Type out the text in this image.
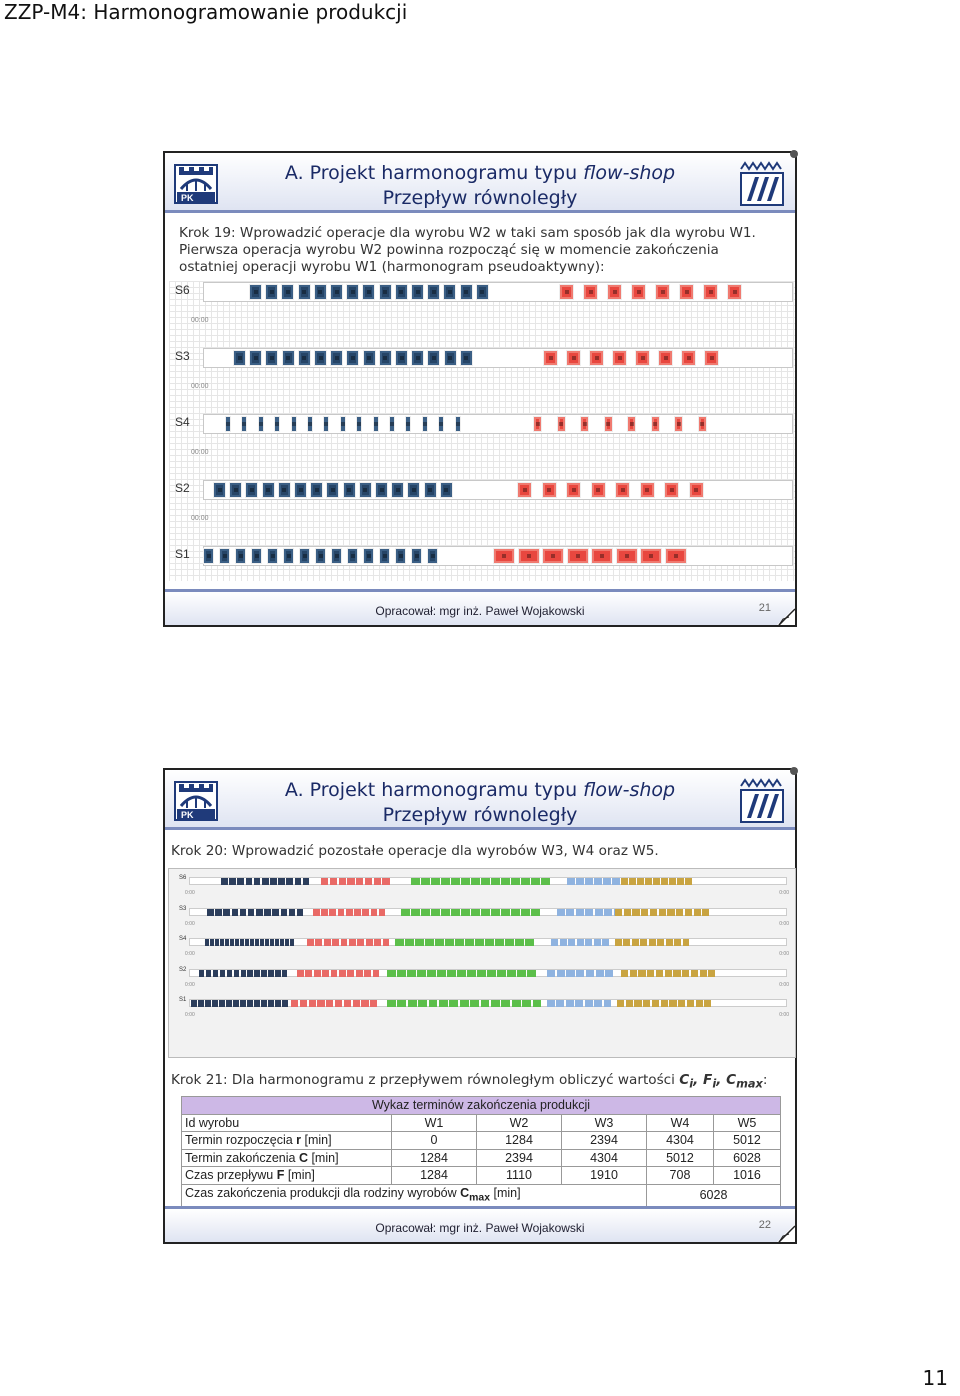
ZZP-M4: Harmonogramowanie produkcji
PK
A. Projekt harmonogramu typu flow-shop
Przepływ równoległy
Krok 19: Wprowadzić operacje dla wyrobu W2 w taki sam sposób jak dla wyrobu W1. Pierwsza operacja wyrobu W2 powinna rozpocząć się w momencie zakończenia ostatniej operacji wyrobu W1 (harmonogram pseudoaktywny):
S6
00:00
S3
00:00
S4
00:00
S2
00:00
S1
Opracował: mgr inż. Paweł Wojakowski	21
PK
A. Projekt harmonogramu typu flow-shop
Przepływ równoległy
Krok 20: Wprowadzić pozostałe operacje dla wyrobów W3, W4 oraz W5.
S6
0:00	0:00
S3
0:00	0:00
S4
0:00	0:00
S2
0:00	0:00
S1
0:00	0:00
Krok 21: Dla harmonogramu z przepływem równoległym obliczyć wartości $C_i$, $F_i$, $C_{max}$:
Wykaz terminów zakończenia produkcji					
Id wyrobu	W1	W2	W3	W4	W5
Termin rozpoczęcia r [min]	0	1284	2394	4304	5012
Termin zakończenia C [min]	1284	2394	4304	5012	6028
Czas przepływu F [min]	1284	1110	1910	708	1016
Czas zakończenia produkcji dla rodziny wyrobów $C_{max}$ [min]				6028	
Opracował: mgr inż. Paweł Wojakowski	22
11
